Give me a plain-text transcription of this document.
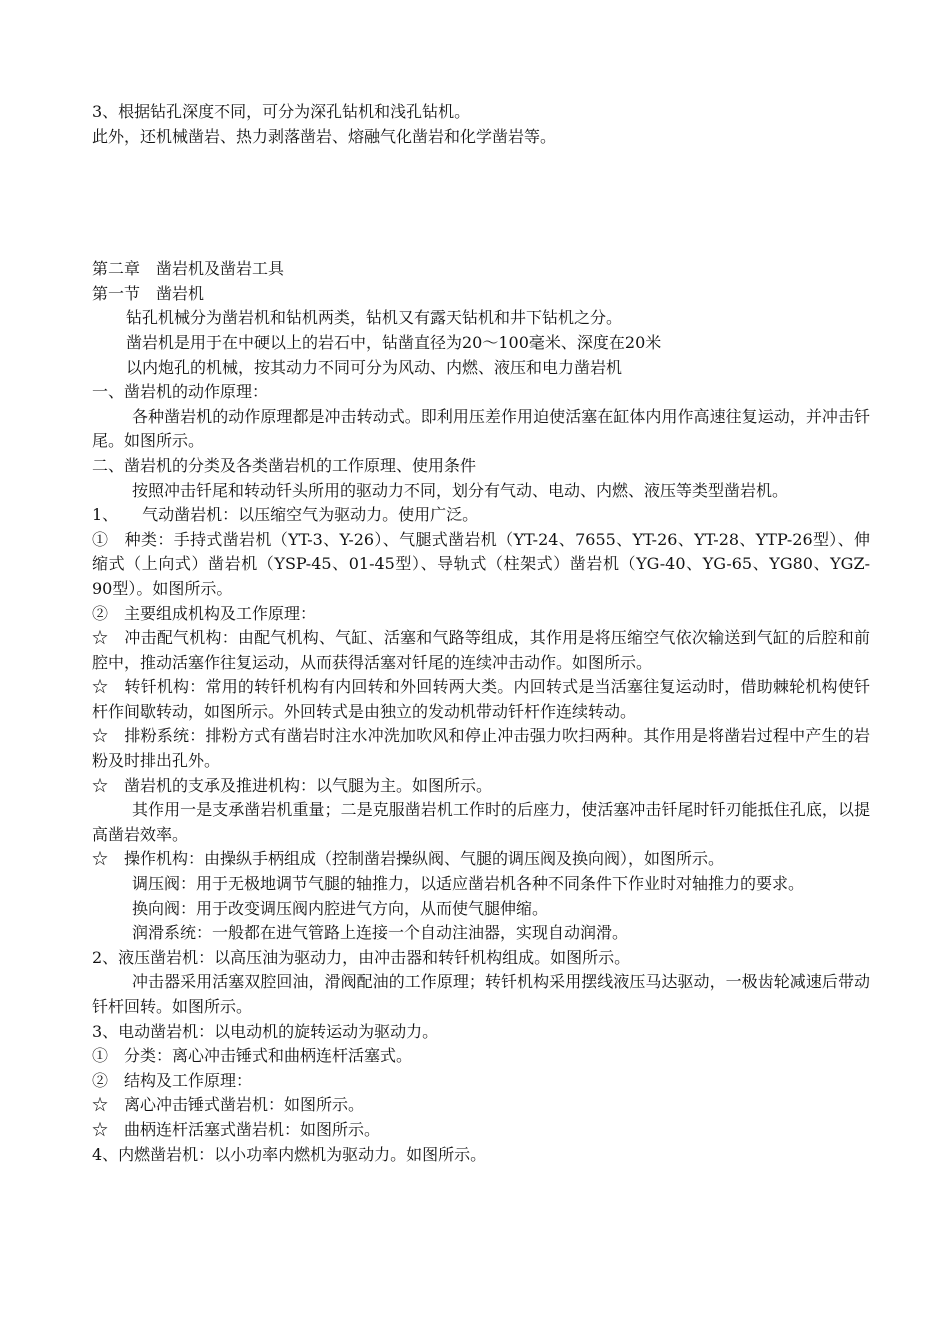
3、根据钻孔深度不同，可分为深孔钻机和浅孔钻机。

此外，还机械凿岩、热力剥落凿岩、熔融气化凿岩和化学凿岩等。

第二章　凿岩机及凿岩工具

第一节　凿岩机

钻孔机械分为凿岩机和钻机两类，钻机又有露天钻机和井下钻机之分。

凿岩机是用于在中硬以上的岩石中，钻凿直径为20～100毫米、深度在20米

以内炮孔的机械，按其动力不同可分为风动、内燃、液压和电力凿岩机

一、凿岩机的动作原理：

各种凿岩机的动作原理都是冲击转动式。即利用压差作用迫使活塞在缸体内用作高速往复运动，并冲击钎尾。如图所示。

二、凿岩机的分类及各类凿岩机的工作原理、使用条件

按照冲击钎尾和转动钎头所用的驱动力不同，划分有气动、电动、内燃、液压等类型凿岩机。

1、　　气动凿岩机：以压缩空气为驱动力。使用广泛。

①　种类：手持式凿岩机（YT-3、Y-26）、气腿式凿岩机（YT-24、7655、YT-26、YT-28、YTP-26型）、伸缩式（上向式）凿岩机（YSP-45、01-45型）、导轨式（柱架式）凿岩机（YG-40、YG-65、YG80、YGZ-90型）。如图所示。

②　主要组成机构及工作原理：

☆　冲击配气机构：由配气机构、气缸、活塞和气路等组成，其作用是将压缩空气依次输送到气缸的后腔和前腔中，推动活塞作往复运动，从而获得活塞对钎尾的连续冲击动作。如图所示。

☆　转钎机构：常用的转钎机构有内回转和外回转两大类。内回转式是当活塞往复运动时，借助棘轮机构使钎杆作间歇转动，如图所示。外回转式是由独立的发动机带动钎杆作连续转动。

☆　排粉系统：排粉方式有凿岩时注水冲洗加吹风和停止冲击强力吹扫两种。其作用是将凿岩过程中产生的岩粉及时排出孔外。

☆　凿岩机的支承及推进机构：以气腿为主。如图所示。

其作用一是支承凿岩机重量；二是克服凿岩机工作时的后座力，使活塞冲击钎尾时钎刃能抵住孔底，以提高凿岩效率。

☆　操作机构：由操纵手柄组成（控制凿岩操纵阀、气腿的调压阀及换向阀），如图所示。

调压阀：用于无极地调节气腿的轴推力，以适应凿岩机各种不同条件下作业时对轴推力的要求。

换向阀：用于改变调压阀内腔进气方向，从而使气腿伸缩。

润滑系统：一般都在进气管路上连接一个自动注油器，实现自动润滑。

2、液压凿岩机：以高压油为驱动力，由冲击器和转钎机构组成。如图所示。

冲击器采用活塞双腔回油，滑阀配油的工作原理；转钎机构采用摆线液压马达驱动，一极齿轮减速后带动钎杆回转。如图所示。

3、电动凿岩机：以电动机的旋转运动为驱动力。

①　分类：离心冲击锤式和曲柄连杆活塞式。

②　结构及工作原理：

☆　离心冲击锤式凿岩机：如图所示。

☆　曲柄连杆活塞式凿岩机：如图所示。

4、内燃凿岩机：以小功率内燃机为驱动力。如图所示。
